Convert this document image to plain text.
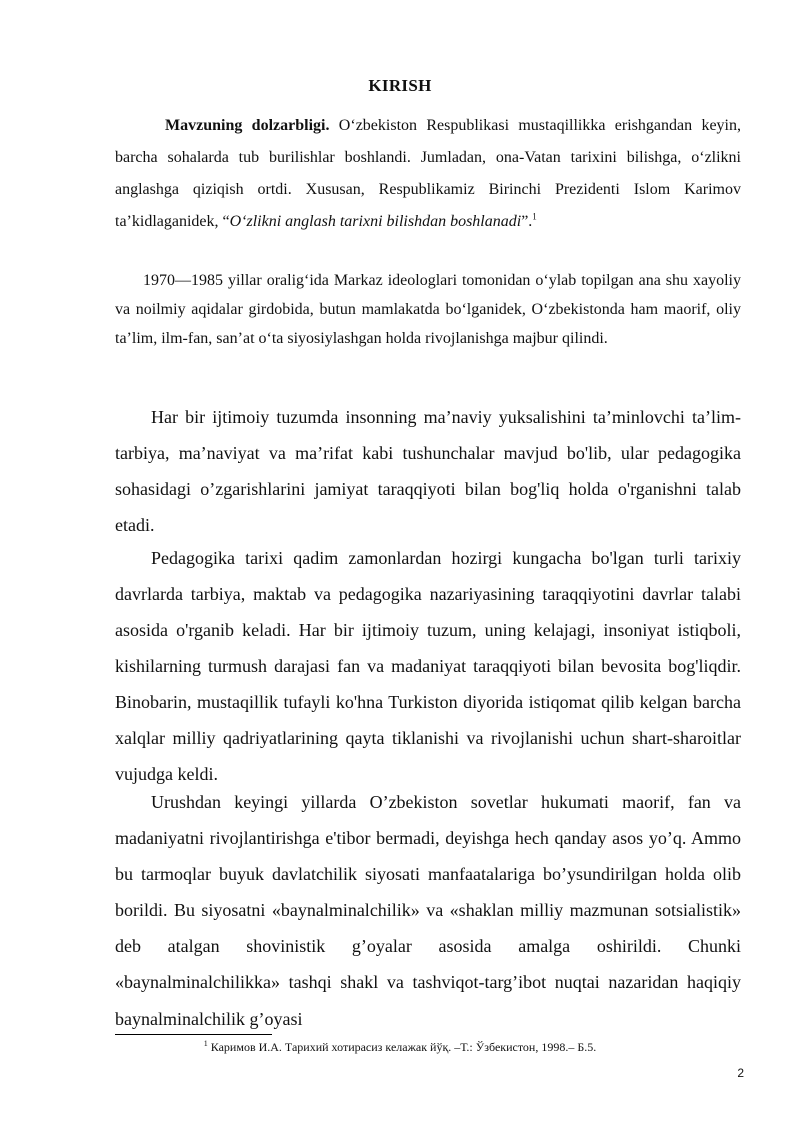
KIRISH

Mavzuning dolzarbligi. O‘zbekiston Respublikasi mustaqillikka erishgandan keyin, barcha sohalarda tub burilishlar boshlandi. Jumladan, ona-Vatan tarixini bilishga, o‘zlikni anglashga qiziqish ortdi. Xususan, Respublikamiz Birinchi Prezidenti Islom Karimov ta’kidlaganidek, “O‘zlikni anglash tarixni bilishdan boshlanadi”.$^1$

1970—1985 yillar oralig‘ida Markaz ideologlari tomonidan o‘ylab topilgan ana shu xayoliy va noilmiy aqidalar girdobida, butun mamlakatda bo‘lganidek, O‘zbekistonda ham maorif, oliy ta’lim, ilm-fan, san’at o‘ta siyosiylashgan holda rivojlanishga majbur qilindi.

Har bir ijtimoiy tuzumda insonning ma’naviy yuksalishini ta’minlovchi ta’lim-tarbiya, ma’naviyat va ma’rifat kabi tushunchalar mavjud bo'lib, ular pedagogika sohasidagi o’zgarishlarini jamiyat taraqqiyoti bilan bog'liq holda o'rganishni talab etadi.

Pedagogika tarixi qadim zamonlardan hozirgi kungacha bo'lgan turli tarixiy davrlarda tarbiya, maktab va pedagogika nazariyasining taraqqiyotini davrlar talabi asosida o'rganib keladi. Har bir ijtimoiy tuzum, uning kelajagi, insoniyat istiqboli, kishilarning turmush darajasi fan va madaniyat taraqqiyoti bilan bevosita bog'liqdir. Binobarin, mustaqillik tufayli ko'hna Turkiston diyorida istiqomat qilib kelgan barcha xalqlar milliy qadriyatlarining qayta tiklanishi va rivojlanishi uchun shart-sharoitlar vujudga keldi.

Urushdan keyingi yillarda O’zbekiston sovetlar hukumati maorif, fan va madaniyatni rivojlantirishga e'tibor bermadi, deyishga hech qanday asos yo’q. Ammo bu tarmoqlar buyuk davlatchilik siyosati manfaatalariga bo’ysundirilgan holda olib borildi. Bu siyosatni «baynalminalchilik» va «shaklan milliy mazmunan sotsialistik» deb atalgan shovinistik g’oyalar asosida amalga oshirildi. Chunki «baynalminalchilikka» tashqi shakl va tashviqot-targ’ibot nuqtai nazaridan haqiqiy baynalminalchilik g’oyasi

$^1$ Каримов И.А. Тарихий хотирасиз келажак йўқ. –Т.: Ўзбекистон, 1998.– Б.5.
2
